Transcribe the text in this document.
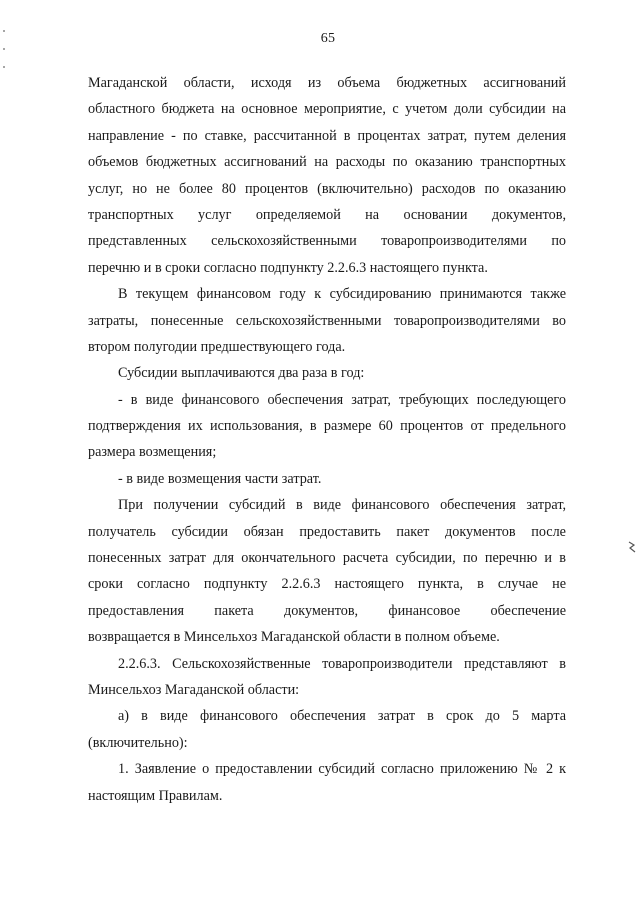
65
Магаданской области, исходя из объема бюджетных ассигнований
областного бюджета на основное мероприятие, с учетом доли субсидии на
направление - по ставке, рассчитанной в процентах затрат, путем деления
объемов бюджетных ассигнований на расходы по оказанию транспортных
услуг, но не более 80 процентов (включительно) расходов по оказанию
транспортных услуг определяемой на основании документов,
представленных сельскохозяйственными товаропроизводителями по
перечню и в сроки согласно подпункту 2.2.6.3 настоящего пункта.
В текущем финансовом году к субсидированию принимаются также
затраты, понесенные сельскохозяйственными товаропроизводителями во
втором полугодии предшествующего года.
Субсидии выплачиваются два раза в год:
- в виде финансового обеспечения затрат, требующих последующего
подтверждения их использования, в размере 60 процентов от предельного
размера возмещения;
- в виде возмещения части затрат.
При получении субсидий в виде финансового обеспечения затрат,
получатель субсидии обязан предоставить пакет документов после
понесенных затрат для окончательного расчета субсидии, по перечню и в
сроки согласно подпункту 2.2.6.3 настоящего пункта, в случае не
предоставления пакета документов, финансовое обеспечение
возвращается в Минсельхоз Магаданской области в полном объеме.
2.2.6.3. Сельскохозяйственные товаропроизводители представляют в
Минсельхоз Магаданской области:
а) в виде финансового обеспечения затрат в срок до 5 марта
(включительно):
1. Заявление о предоставлении субсидий согласно приложению № 2 к
настоящим Правилам.
